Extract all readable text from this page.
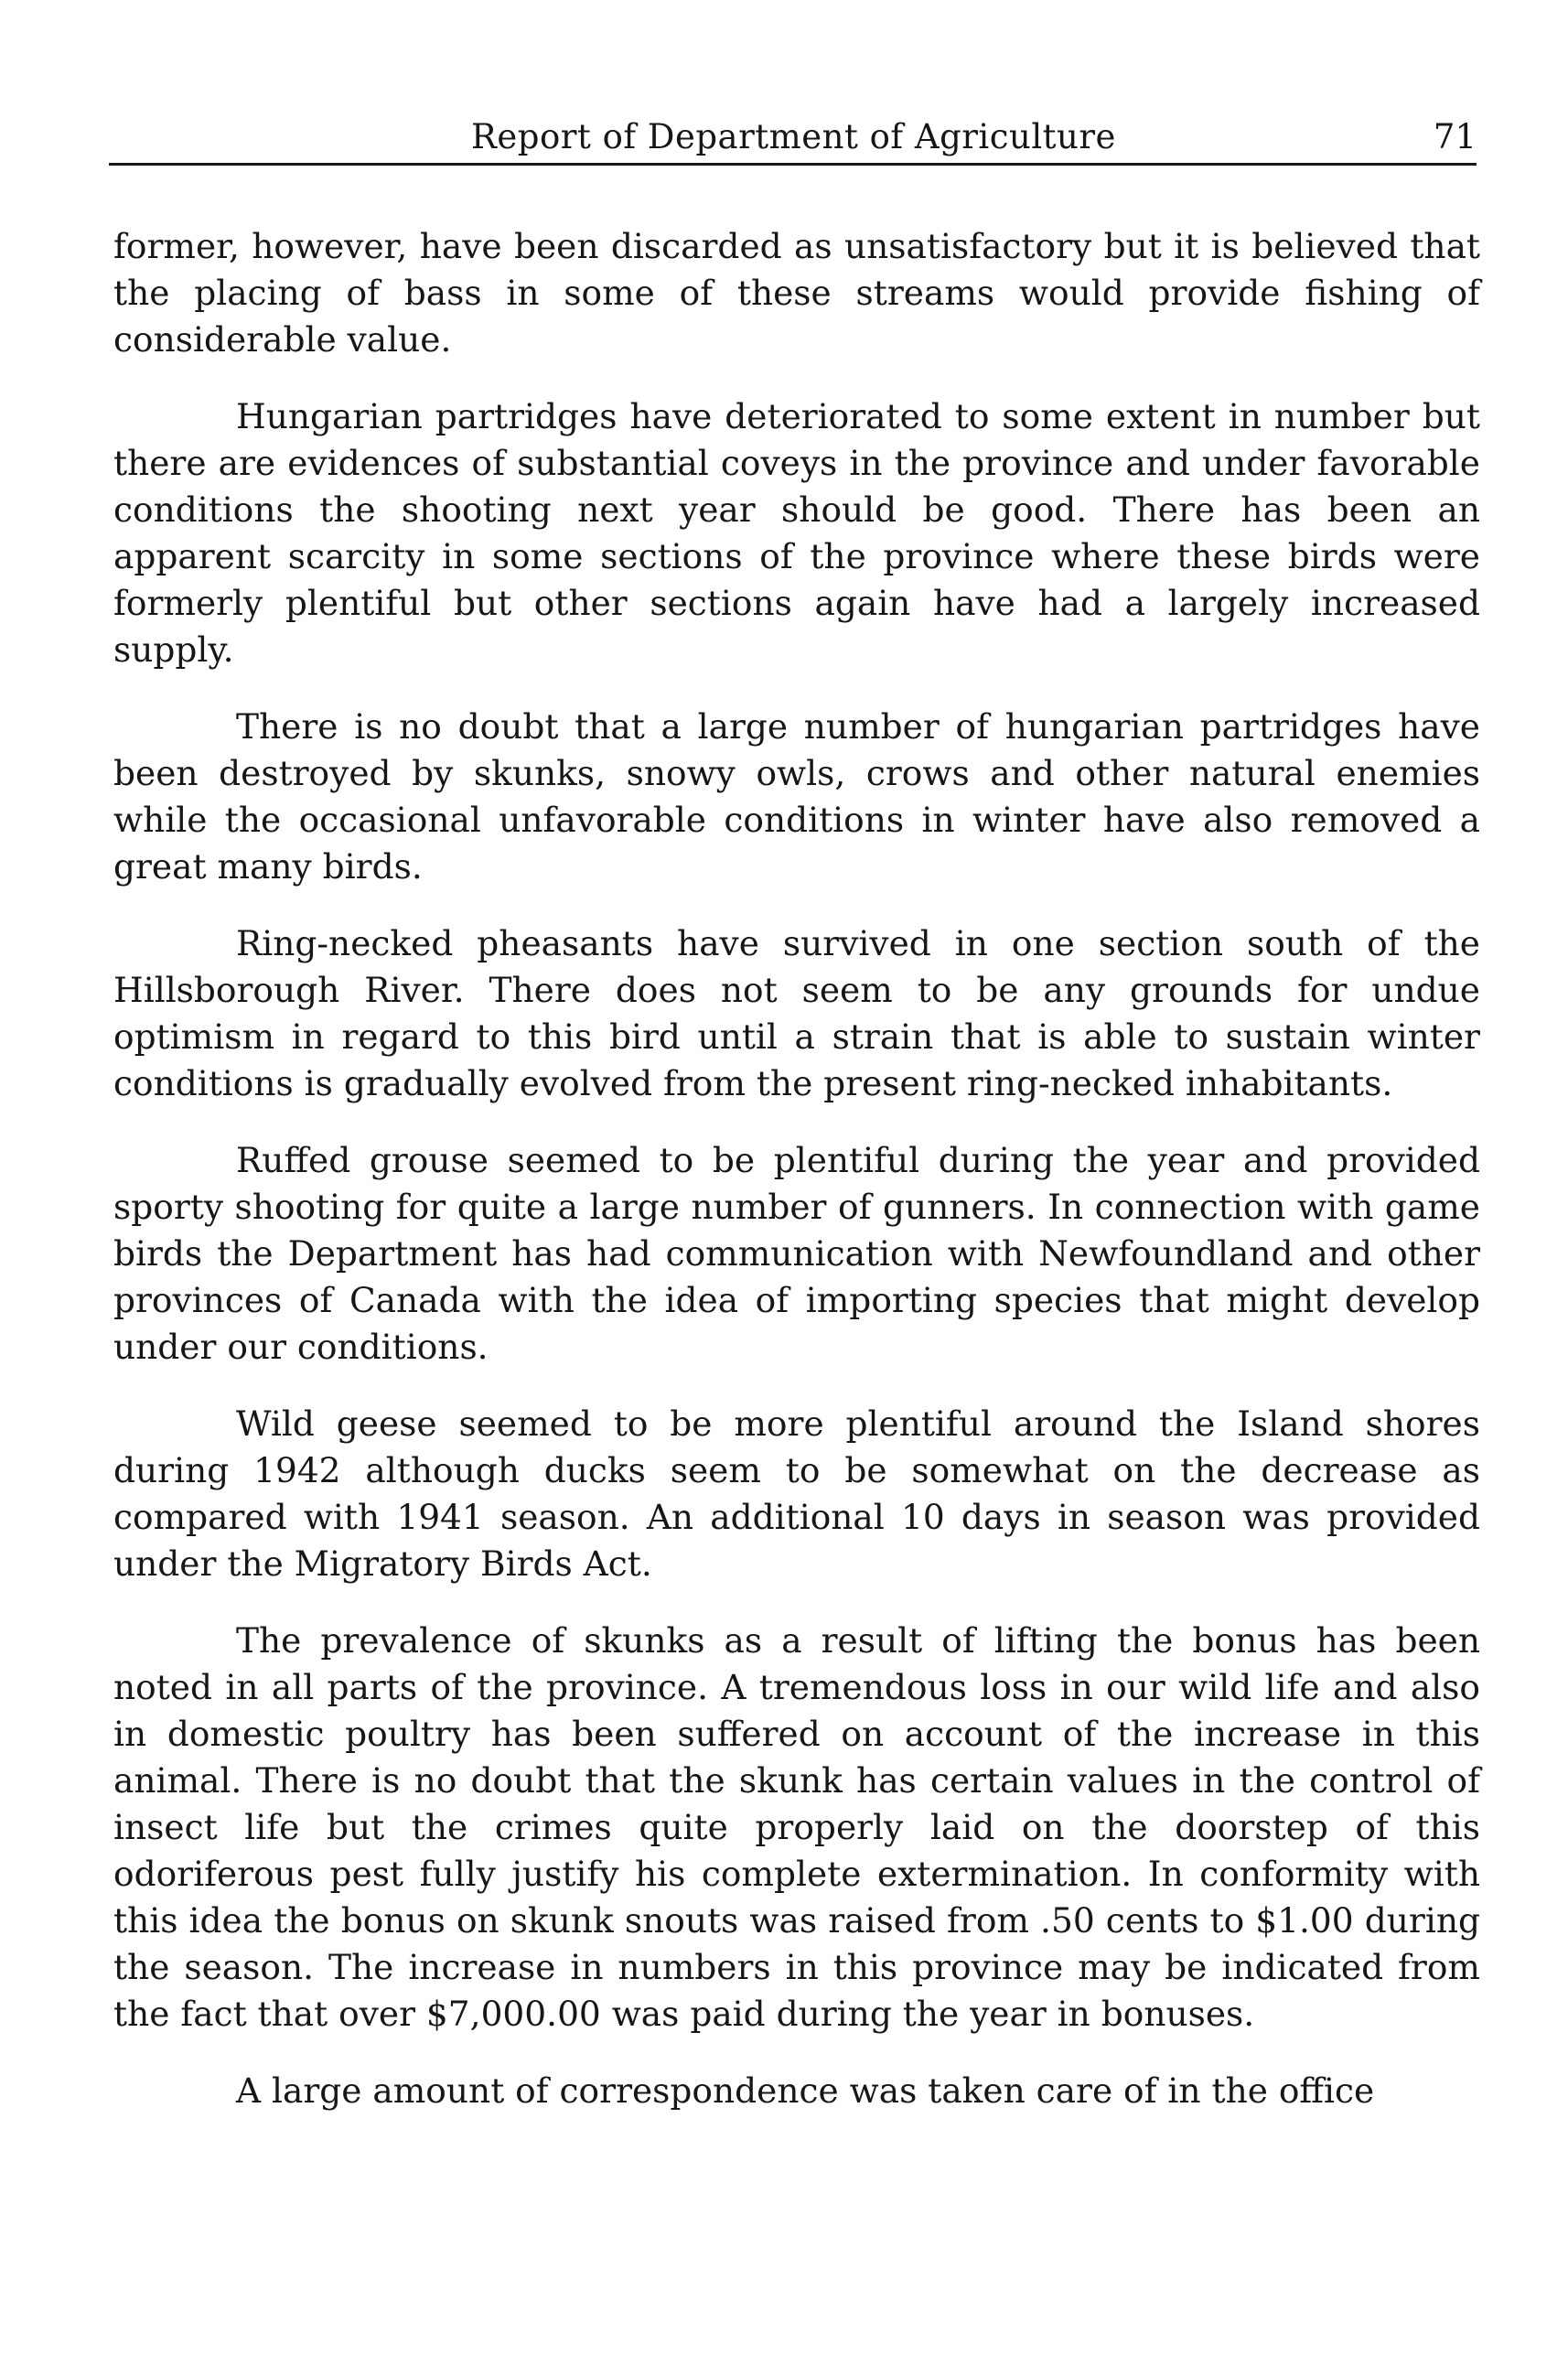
Report of Department of Agriculture	71

former, however, have been discarded as unsatisfactory but it is believed that the placing of bass in some of these streams would provide fishing of considerable value.

Hungarian partridges have deteriorated to some extent in number but there are evidences of substantial coveys in the province and under favorable conditions the shooting next year should be good. There has been an apparent scarcity in some sections of the province where these birds were formerly plentiful but other sections again have had a largely increased supply.

There is no doubt that a large number of hungarian partridges have been destroyed by skunks, snowy owls, crows and other natural enemies while the occasional unfavorable conditions in winter have also removed a great many birds.

Ring-necked pheasants have survived in one section south of the Hillsborough River. There does not seem to be any grounds for undue optimism in regard to this bird until a strain that is able to sustain winter conditions is gradually evolved from the present ring-necked inhabitants.

Ruffed grouse seemed to be plentiful during the year and provided sporty shooting for quite a large number of gunners. In connection with game birds the Department has had communication with Newfoundland and other provinces of Canada with the idea of importing species that might develop under our conditions.

Wild geese seemed to be more plentiful around the Island shores during 1942 although ducks seem to be somewhat on the decrease as compared with 1941 season. An additional 10 days in season was provided under the Migratory Birds Act.

The prevalence of skunks as a result of lifting the bonus has been noted in all parts of the province. A tremendous loss in our wild life and also in domestic poultry has been suffered on account of the increase in this animal. There is no doubt that the skunk has certain values in the control of insect life but the crimes quite properly laid on the doorstep of this odoriferous pest fully justify his complete extermination. In conformity with this idea the bonus on skunk snouts was raised from .50 cents to $1.00 during the season. The increase in numbers in this province may be indicated from the fact that over $7,000.00 was paid during the year in bonuses.

A large amount of correspondence was taken care of in the office
